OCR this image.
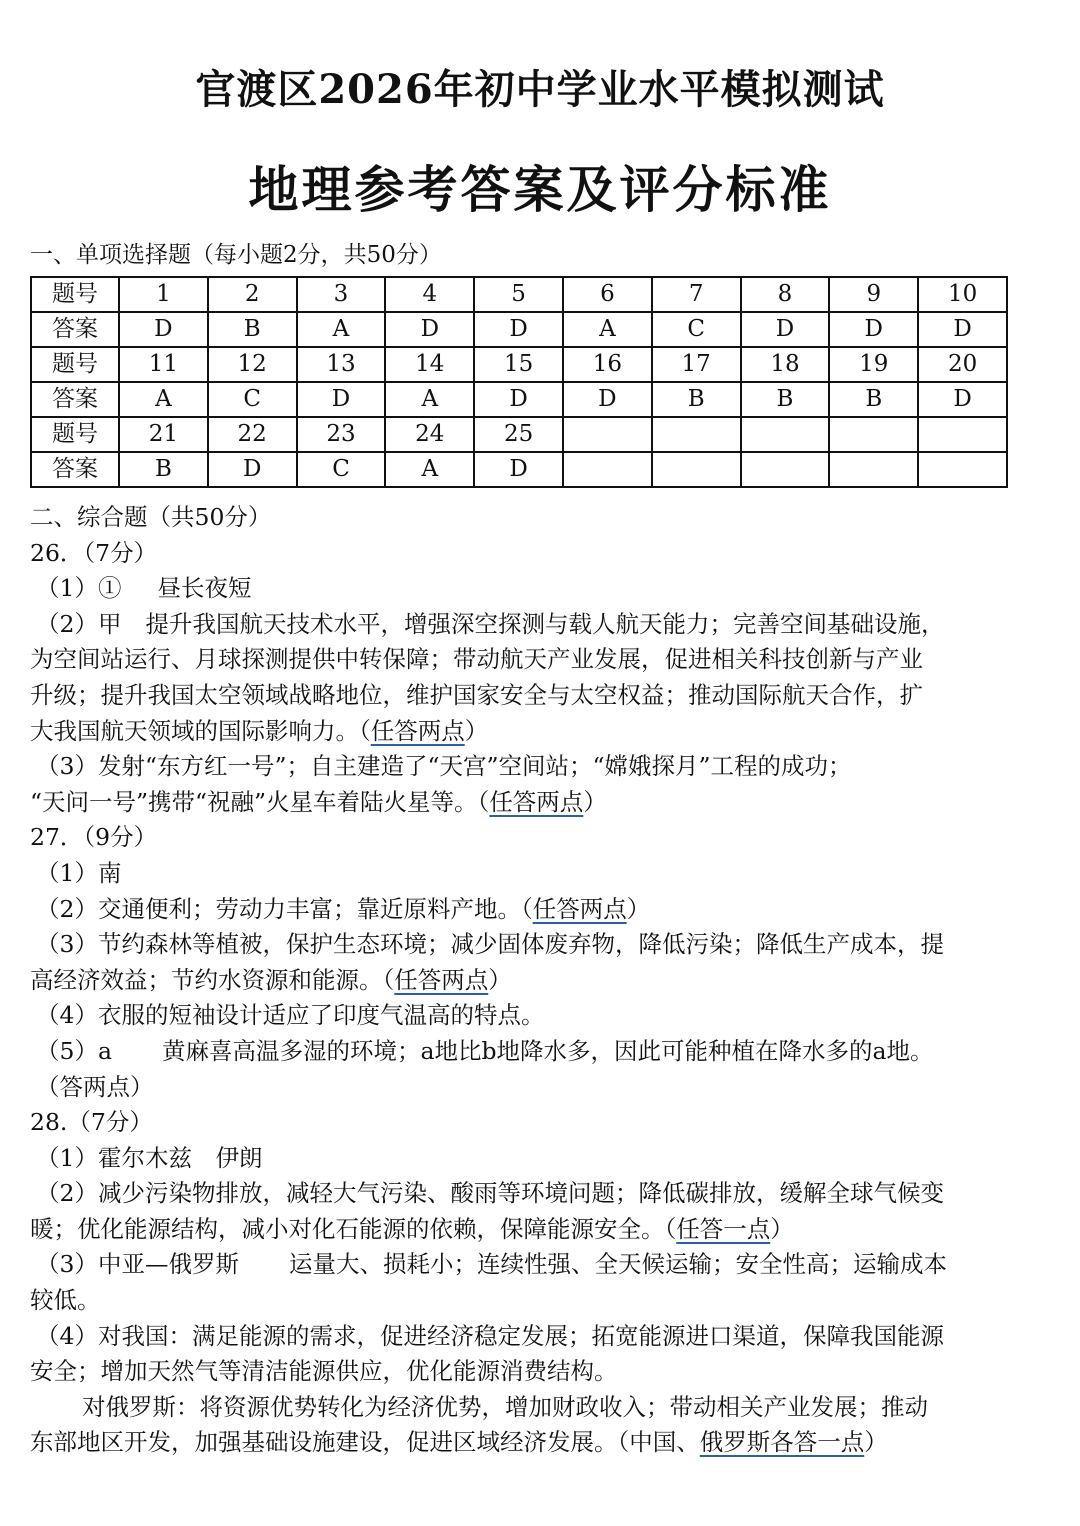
官渡区2026年初中学业水平模拟测试
地理参考答案及评分标准
一、单项选择题（每小题2分，共50分）
题号	1	2	3	4	5	6	7	8	9	10
答案	D	B	A	D	D	A	C	D	D	D
题号	11	12	13	14	15	16	17	18	19	20
答案	A	C	D	A	D	D	B	B	B	D
题号	21	22	23	24	25					
答案	B	D	C	A	D					
二、综合题（共50分）
26．（7分）
（1）① 昼长夜短
（2）甲 提升我国航天技术水平，增强深空探测与载人航天能力；完善空间基础设施，
为空间站运行、月球探测提供中转保障；带动航天产业发展，促进相关科技创新与产业
升级；提升我国太空领域战略地位，维护国家安全与太空权益；推动国际航天合作，扩
大我国航天领域的国际影响力。（任答两点）
（3）发射“东方红一号”；自主建造了“天宫”空间站；“嫦娥探月”工程的成功；
“天问一号”携带“祝融”火星车着陆火星等。（任答两点）
27．（9分）
（1）南
（2）交通便利；劳动力丰富；靠近原料产地。（任答两点）
（3）节约森林等植被，保护生态环境；减少固体废弃物，降低污染；降低生产成本，提
高经济效益；节约水资源和能源。（任答两点）
（4）衣服的短袖设计适应了印度气温高的特点。
（5）a 黄麻喜高温多湿的环境；a地比b地降水多，因此可能种植在降水多的a地。
（答两点）
28.（7分）
（1）霍尔木兹　伊朗
（2）减少污染物排放，减轻大气污染、酸雨等环境问题；降低碳排放，缓解全球气候变
暖；优化能源结构，减小对化石能源的依赖，保障能源安全。（任答一点）
（3）中亚—俄罗斯 运量大、损耗小；连续性强、全天候运输；安全性高；运输成本
较低。
（4）对我国：满足能源的需求，促进经济稳定发展；拓宽能源进口渠道，保障我国能源
安全；增加天然气等清洁能源供应，优化能源消费结构。
对俄罗斯：将资源优势转化为经济优势，增加财政收入；带动相关产业发展；推动
东部地区开发，加强基础设施建设，促进区域经济发展。（中国、俄罗斯各答一点）
